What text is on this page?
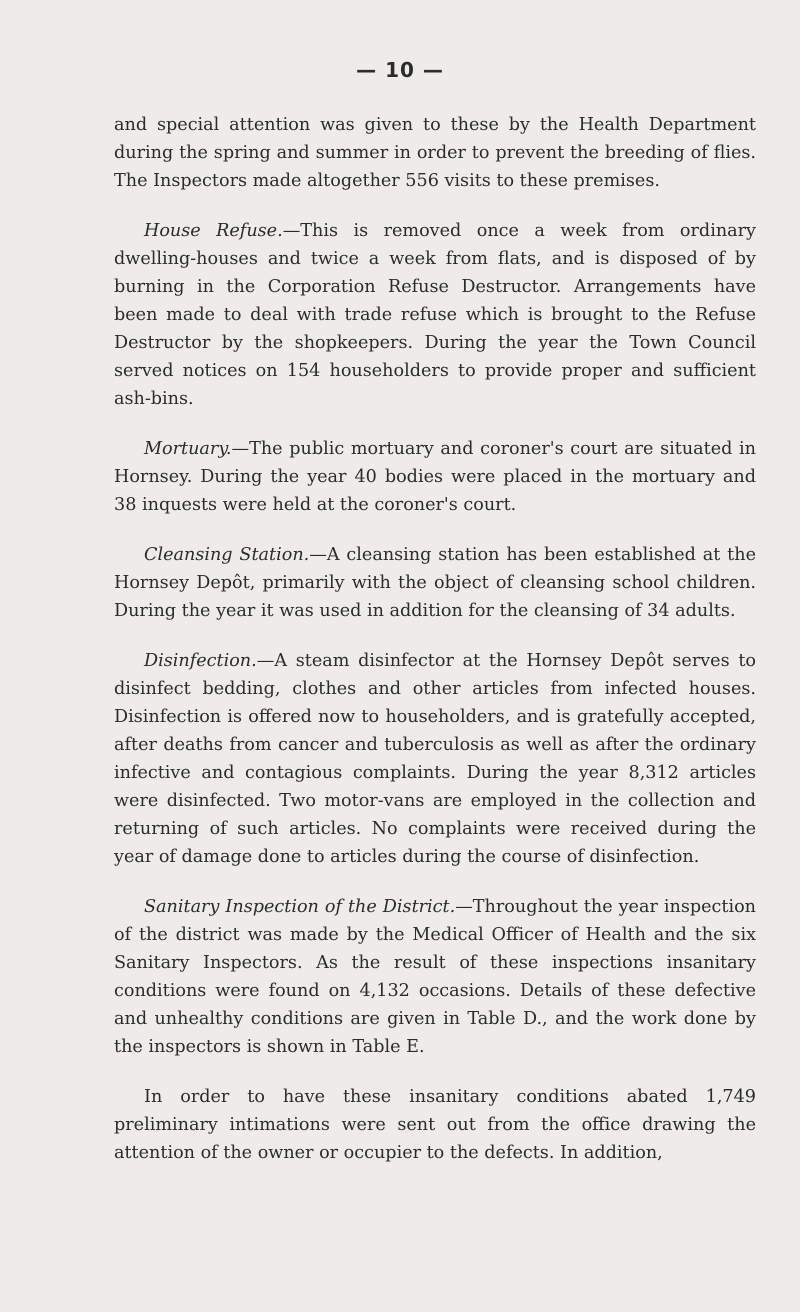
— 10 —

and special attention was given to these by the Health Department during the spring and summer in order to prevent the breeding of flies. The Inspectors made altogether 556 visits to these premises.

House Refuse.—This is removed once a week from ordinary dwelling-houses and twice a week from flats, and is disposed of by burning in the Corporation Refuse Destructor. Arrangements have been made to deal with trade refuse which is brought to the Refuse Destructor by the shopkeepers. During the year the Town Council served notices on 154 householders to provide proper and sufficient ash-bins.

Mortuary.—The public mortuary and coroner's court are situated in Hornsey. During the year 40 bodies were placed in the mortuary and 38 inquests were held at the coroner's court.

Cleansing Station.—A cleansing station has been established at the Hornsey Depôt, primarily with the object of cleansing school children. During the year it was used in addition for the cleansing of 34 adults.

Disinfection.—A steam disinfector at the Hornsey Depôt serves to disinfect bedding, clothes and other articles from infected houses. Disinfection is offered now to householders, and is gratefully accepted, after deaths from cancer and tuberculosis as well as after the ordinary infective and contagious complaints. During the year 8,312 articles were disinfected. Two motor-vans are employed in the collection and returning of such articles. No complaints were received during the year of damage done to articles during the course of disinfection.

Sanitary Inspection of the District.—Throughout the year inspection of the district was made by the Medical Officer of Health and the six Sanitary Inspectors. As the result of these inspections insanitary conditions were found on 4,132 occasions. Details of these defective and unhealthy conditions are given in Table D., and the work done by the inspectors is shown in Table E.

In order to have these insanitary conditions abated 1,749 preliminary intimations were sent out from the office drawing the attention of the owner or occupier to the defects. In addition,
